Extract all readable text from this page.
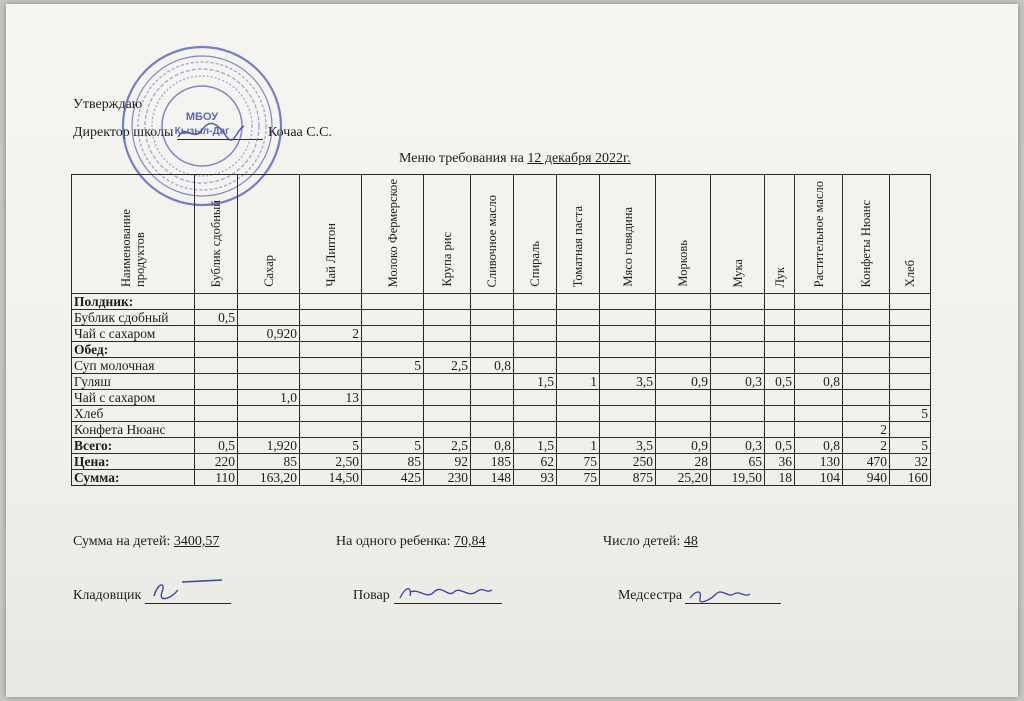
Утверждаю
Директор школы	Кочаа С.С.
МБОУ
Кызыл-Даг
Меню требования на 12 декабря 2022г.
Наименование продуктов	Бублик сдобный	Сахар	Чай Липтон	Молоко Фермерское	Крупа рис	Сливочное масло	Спираль	Томатная паста	Мясо говядина	Морковь	Мука	Лук	Растительное масло	Конфеты Нюанс	Хлеб

Полдник:															
Бублик сдобный	0,5														
Чай с сахаром		0,920	2												
Обед:															
Суп молочная				5	2,5	0,8									
Гуляш							1,5	1	3,5	0,9	0,3	0,5	0,8		
Чай с сахаром		1,0	13												
Хлеб															5
Конфета Нюанс														2	
Всего:	0,5	1,920	5	5	2,5	0,8	1,5	1	3,5	0,9	0,3	0,5	0,8	2	5
Цена:	220	85	2,50	85	92	185	62	75	250	28	65	36	130	470	32
Сумма:	110	163,20	14,50	425	230	148	93	75	875	25,20	19,50	18	104	940	160
Сумма на детей: 3400,57	На одного ребенка: 70,84	Число детей: 48
Кладовщик	Повар	Медсестра
